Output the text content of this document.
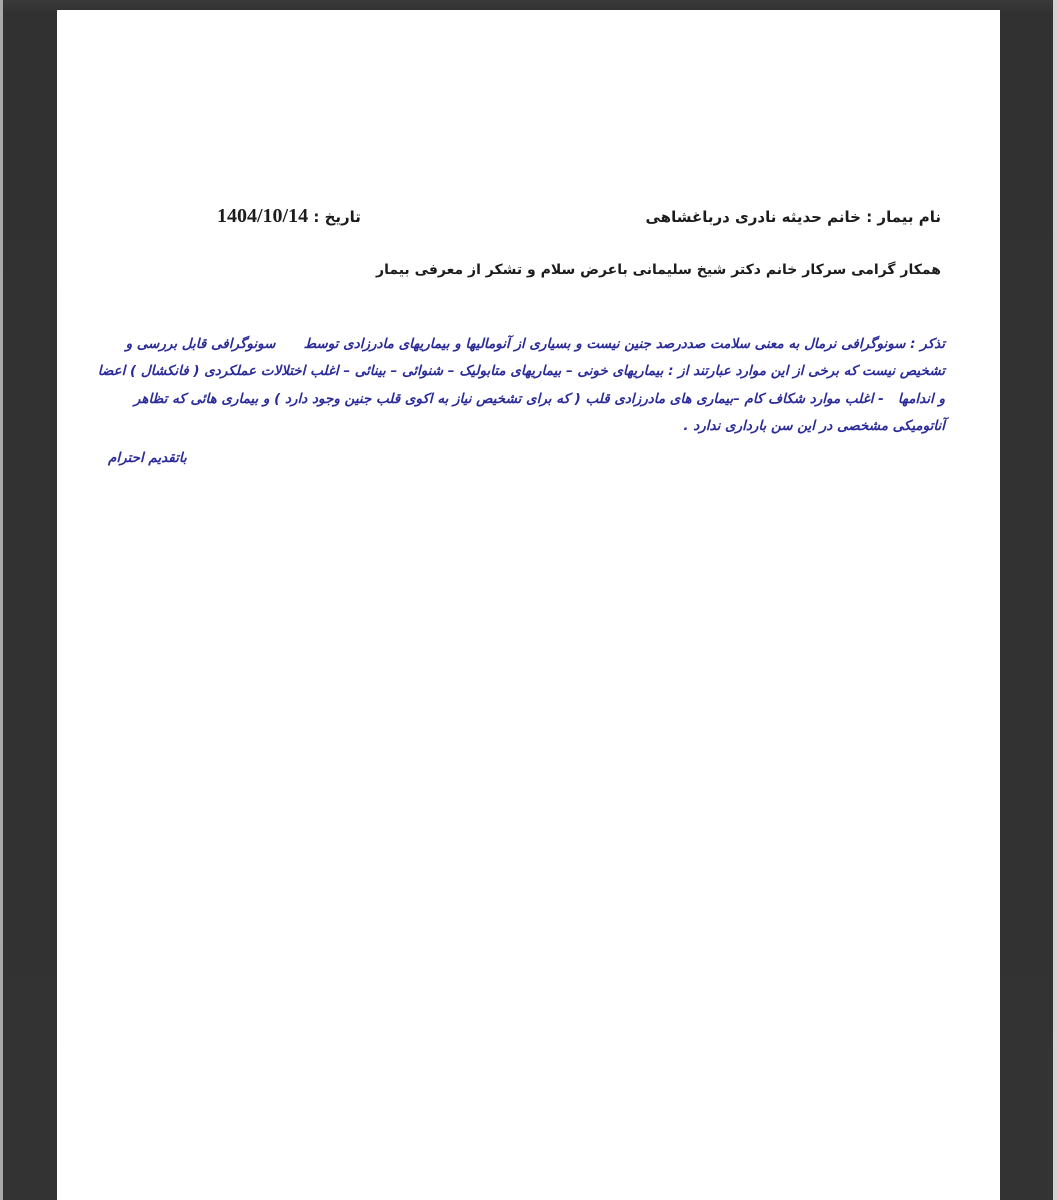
نام بیمار : خانم حدیثه نادری درباغشاهی
تاریخ : 1404/10/14
همکار گرامی سرکار خانم دکتر شیخ سلیمانی باعرض سلام و تشکر از معرفی بیمار
تذکر : سونوگرافی نرمال به معنی سلامت صددرصد جنین نیست و بسیاری از آنومالیها و بیماریهای مادرزادی توسط      سونوگرافی قابل بررسی و
تشخیص نیست که برخی از این موارد عبارتند از : بیماریهای خونی – بیماریهای متابولیک – شنوائی – بینائی – اغلب اختلالات عملکردی ( فانکشال ) اعضا
و اندامها   - اغلب موارد شکاف کام –بیماری های مادرزادی قلب ( که برای تشخیص نیاز به اکوی قلب جنین وجود دارد ) و بیماری هائی که تظاهر
آناتومیکی مشخصی در این سن بارداری ندارد .
باتقدیم احترام
